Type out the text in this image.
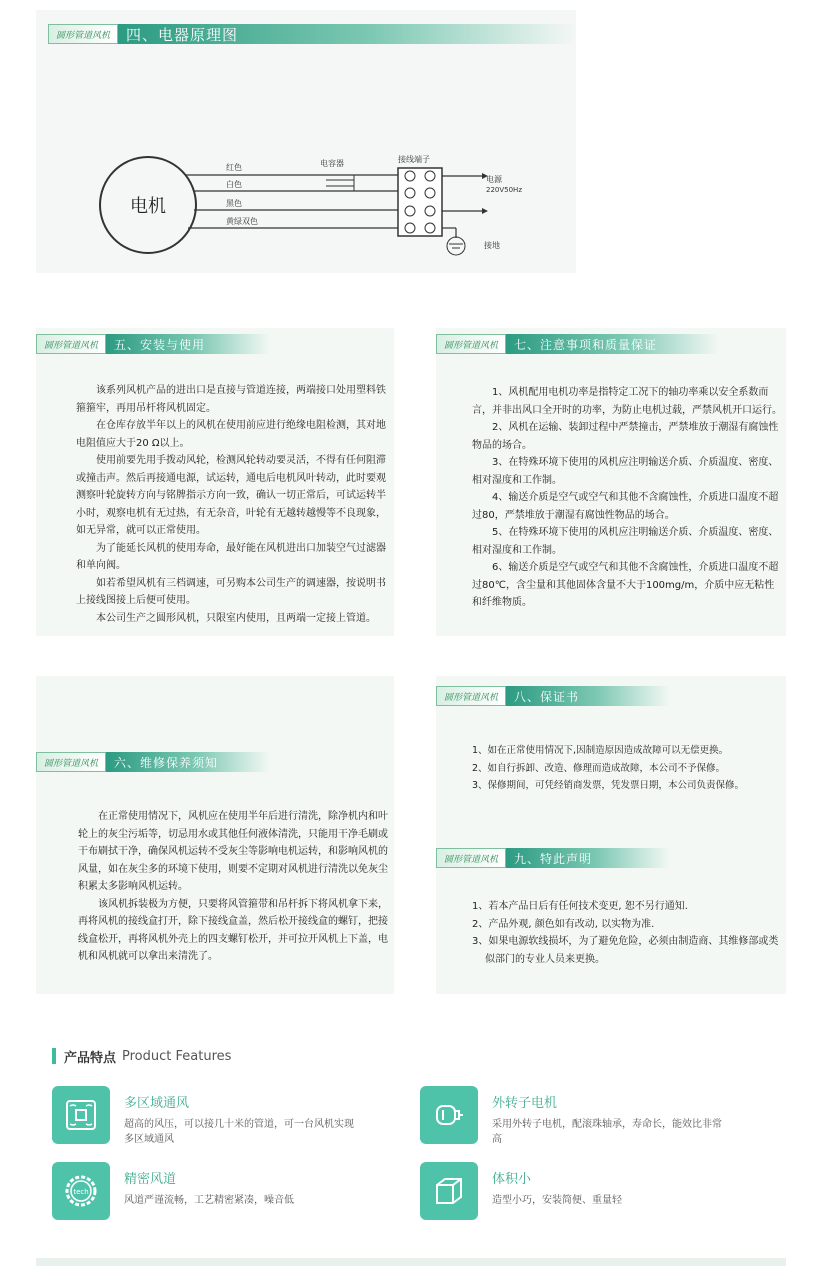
圆形管道风机	四、电器原理图
电机
红色
白色
黑色
黄绿双色
电容器	接线端子
电源
220V50Hz
接地
圆形管道风机	五、安装与使用

该系列风机产品的进出口是直接与管道连接，两端接口处用塑料铁箍箍牢，再用吊杆将风机固定。

在仓库存放半年以上的风机在使用前应进行绝缘电阻检测，其对地电阻值应大于20 Ω以上。

使用前要先用手拨动风轮，检测风轮转动要灵活，不得有任何阻滞或撞击声。然后再接通电源，试运转，通电后电机风叶转动，此时要观测察叶轮旋转方向与铭牌指示方向一致，确认一切正常后，可试运转半小时，观察电机有无过热，有无杂音，叶轮有无越转越慢等不良现象，如无异常，就可以正常使用。

为了能延长风机的使用寿命，最好能在风机进出口加装空气过滤器和单向阀。

如若希望风机有三档调速，可另购本公司生产的调速器，按说明书上接线图接上后便可使用。

本公司生产之圆形风机，只限室内使用，且两端一定接上管道。

圆形管道风机	七、注意事项和质量保证

1、风机配用电机功率是指特定工况下的轴功率乘以安全系数而言，并非出风口全开时的功率，为防止电机过载，严禁风机开口运行。

2、风机在运输、装卸过程中严禁撞击，严禁堆放于潮湿有腐蚀性物品的场合。

3、在特殊环境下使用的风机应注明输送介质、介质温度、密度、相对湿度和工作制。

4、输送介质是空气或空气和其他不含腐蚀性，介质进口温度不超过80，严禁堆放于潮湿有腐蚀性物品的场合。

5、在特殊环境下使用的风机应注明输送介质、介质温度、密度、相对湿度和工作制。

6、输送介质是空气或空气和其他不含腐蚀性，介质进口温度不超过80℃，含尘量和其他固体含量不大于100mg/m，介质中应无粘性和纤维物质。

圆形管道风机	六、维修保养须知

在正常使用情况下，风机应在使用半年后进行清洗，除净机内和叶轮上的灰尘污垢等，切忌用水或其他任何液体清洗，只能用干净毛刷或干布刷拭干净，确保风机运转不受灰尘等影响电机运转，和影响风机的风量，如在灰尘多的环境下使用，则要不定期对风机进行清洗以免灰尘积累太多影响风机运转。

该风机拆装极为方便，只要将风管箍带和吊杆拆下将风机拿下来，再将风机的接线盒打开，除下接线盒盖，然后松开接线盒的螺钉，把接线盒松开，再将风机外壳上的四支螺钉松开，并可拉开风机上下盖，电机和风机就可以拿出来清洗了。

圆形管道风机	八、保证书

1、如在正常使用情况下,因制造原因造成故障可以无偿更换。

2、如自行拆卸、改造、修理而造成故障，本公司不予保修。

3、保修期间，可凭经销商发票，凭发票日期，本公司负责保修。

圆形管道风机	九、特此声明

1、若本产品日后有任何技术变更, 恕不另行通知.

2、产品外观, 颜色如有改动, 以实物为准.

3、如果电源软线损坏，为了避免危险，必须由制造商、其维修部或类似部门的专业人员来更换。

产品特点 Product Features
多区域通风
超高的风压，可以接几十米的管道，可一台风机实现多区域通风
外转子电机
采用外转子电机，配滚珠轴承，寿命长，能效比非常高
tech
精密风道
风道严谨流畅，工艺精密紧凑，噪音低
体积小
造型小巧，安装简便、重量轻
